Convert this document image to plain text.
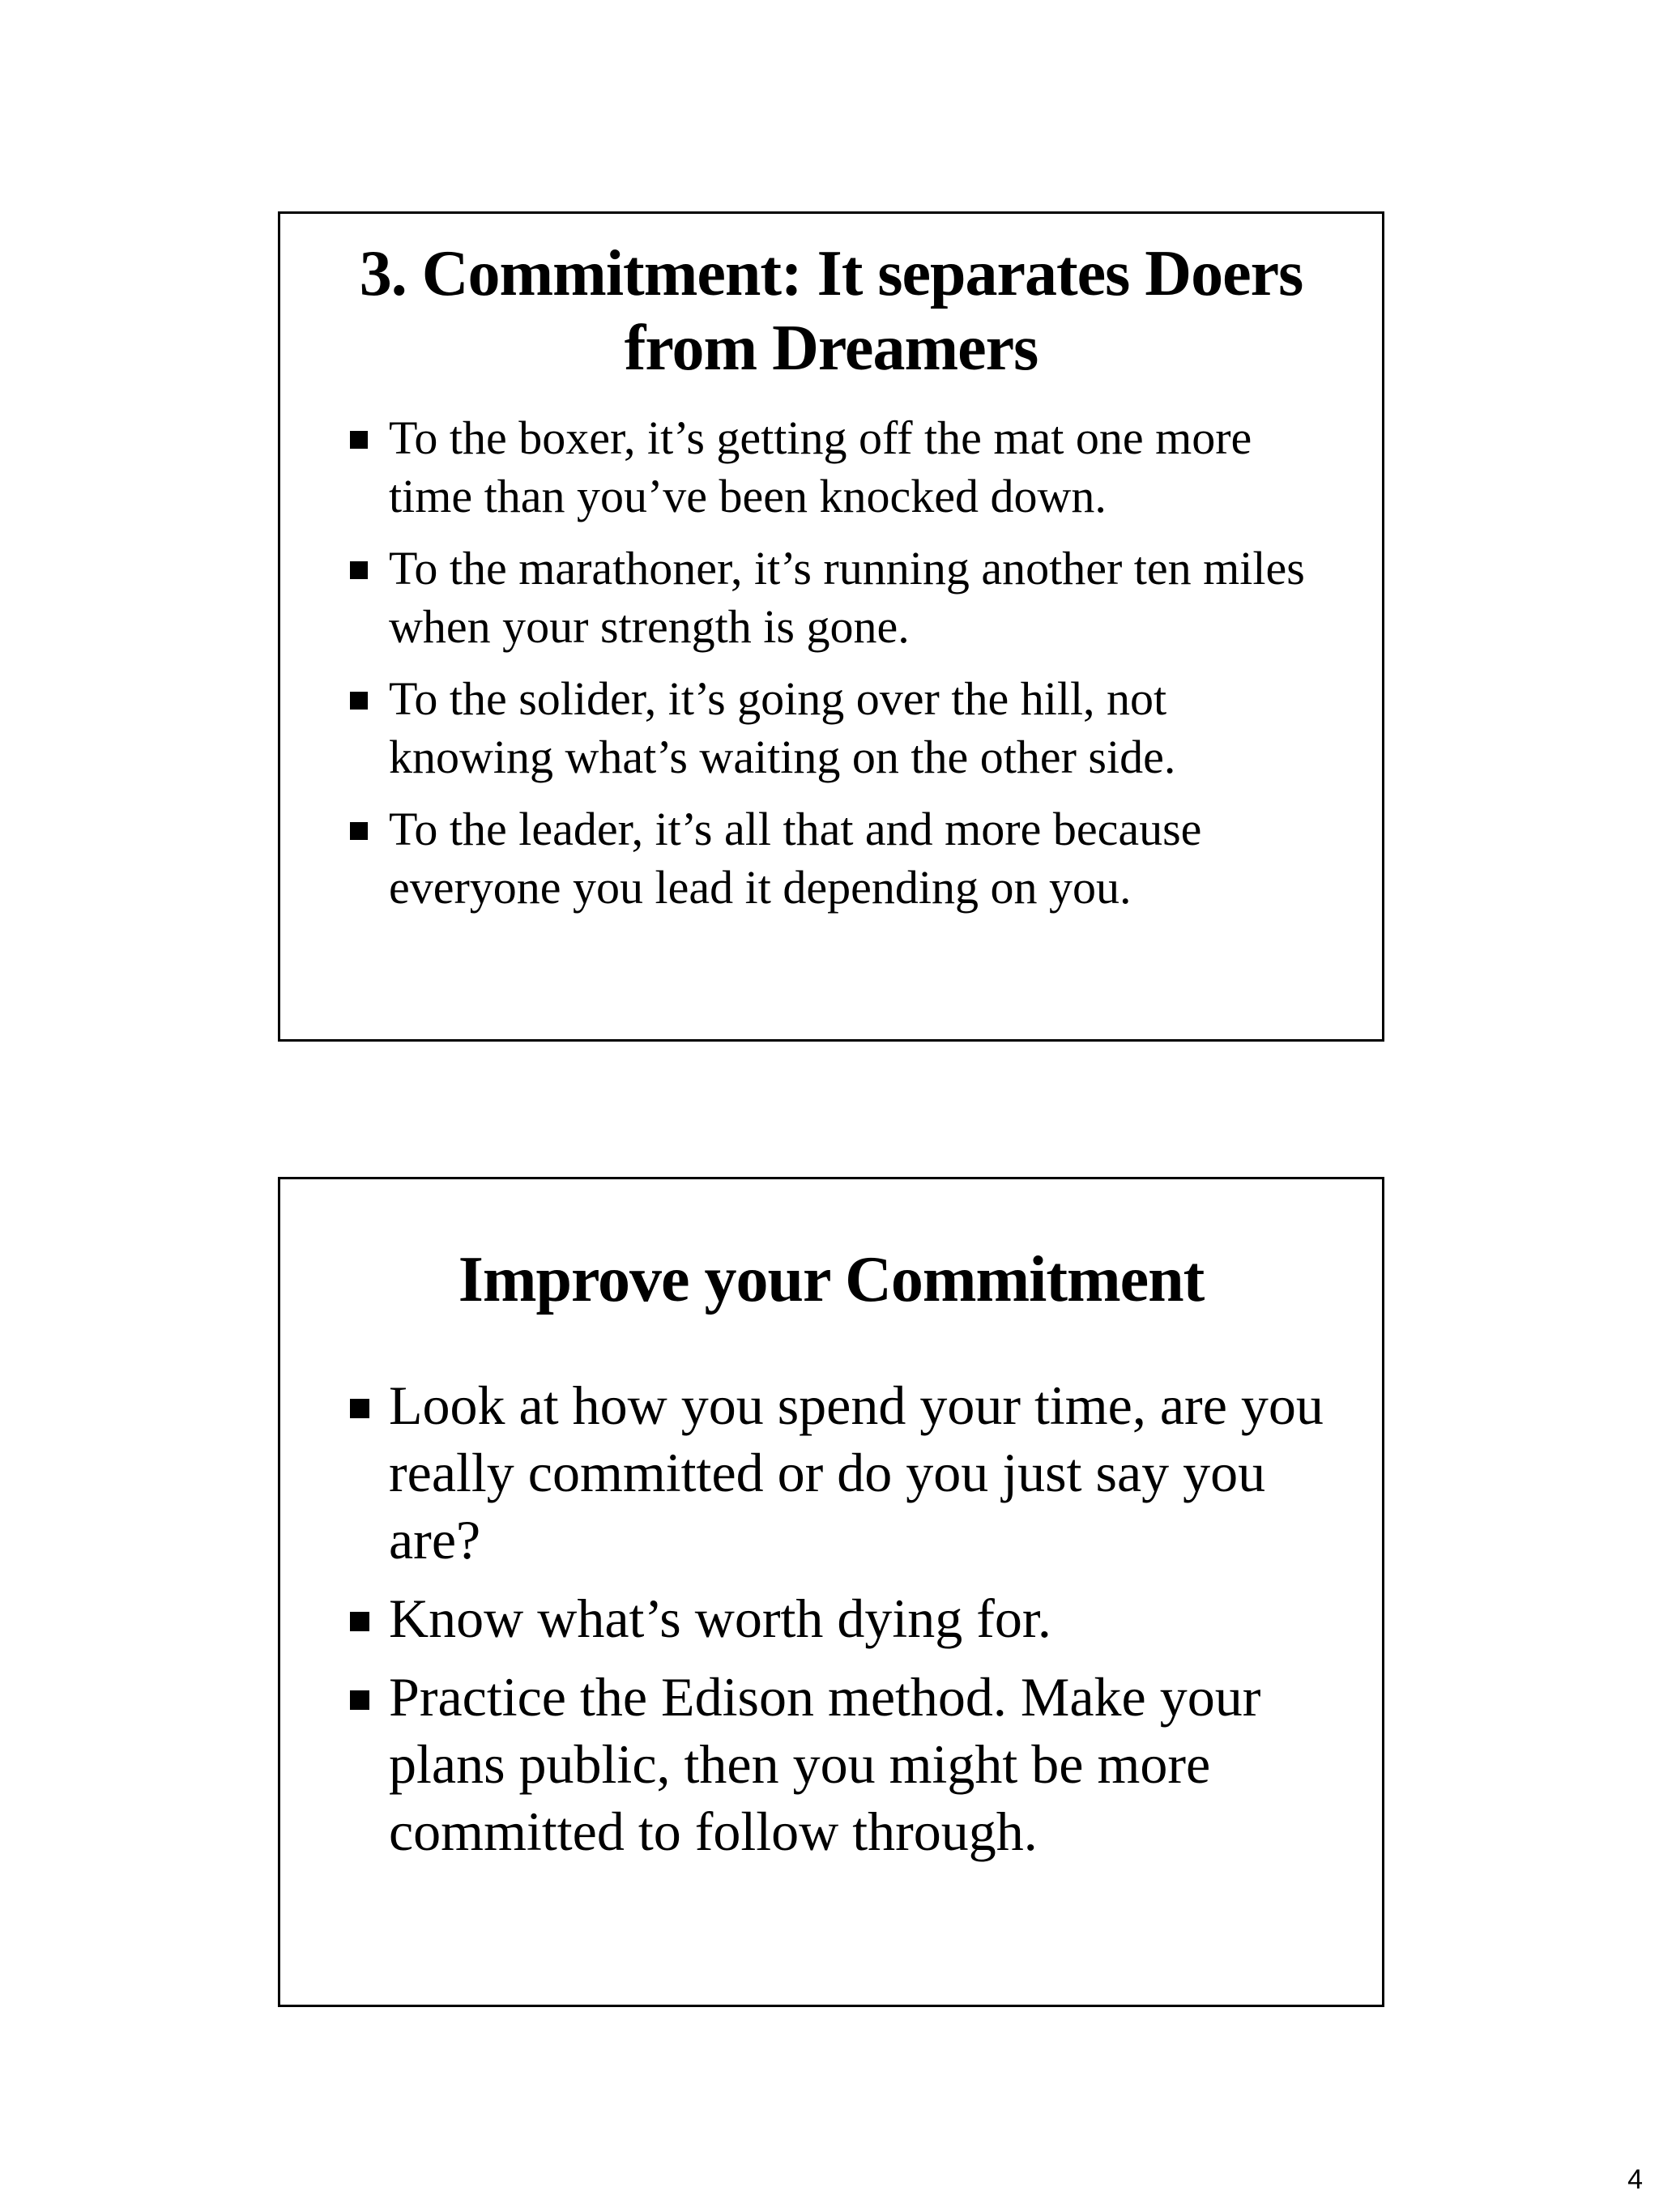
3. Commitment: It separates Doers
from Dreamers
To the boxer, it’s getting off the mat one more time than you’ve been knocked down.
To the marathoner, it’s running another ten miles when your strength is gone.
To the solider, it’s going over the hill, not knowing what’s waiting on the other side.
To the leader, it’s all that and more because everyone you lead it depending on you.
Improve your Commitment
Look at how you spend your time, are you really committed or do you just say you are?
Know what’s worth dying for.
Practice the Edison method. Make your plans public, then you might be more committed to follow through.
4
